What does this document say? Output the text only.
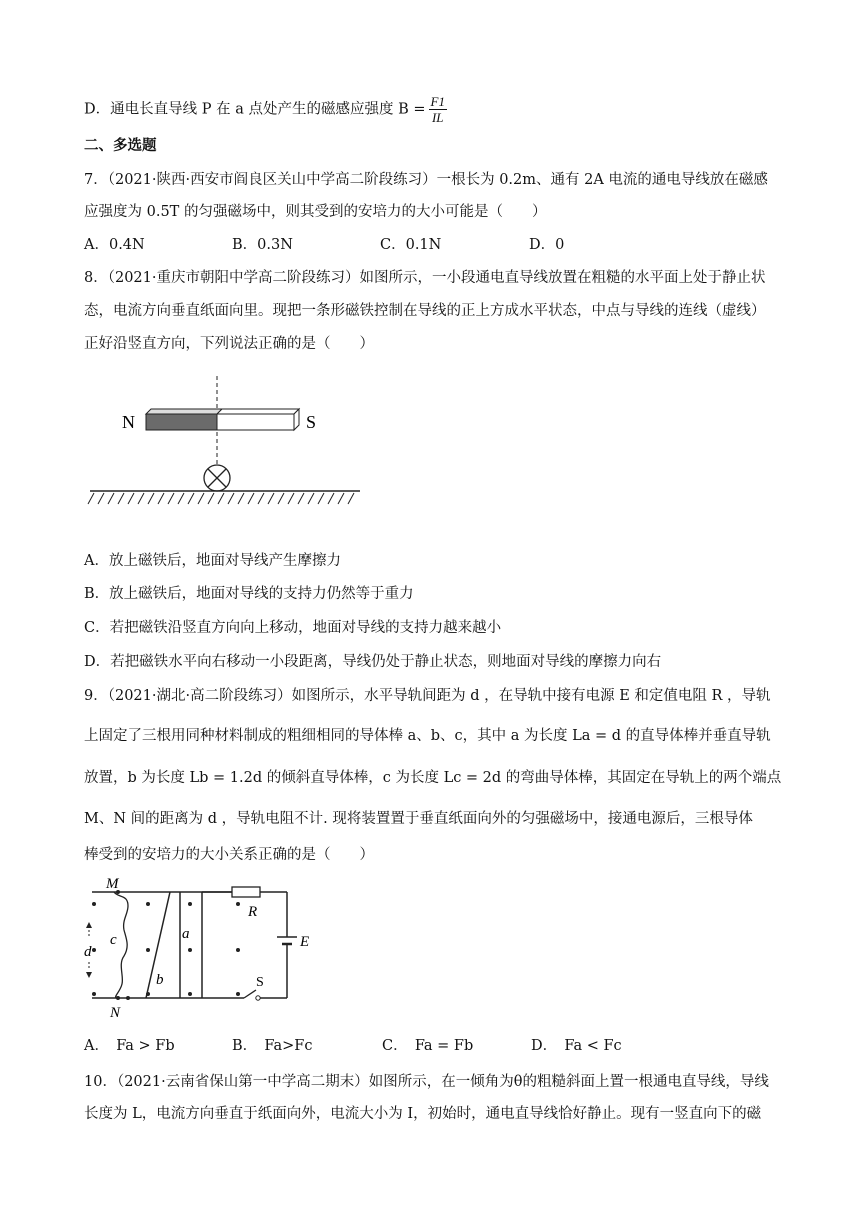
D．通电长直导线 P 在 a 点处产生的磁感应强度 $B = \frac{F1}{IL}$
二、多选题
7．（2021·陕西·西安市阎良区关山中学高二阶段练习）一根长为 0.2m、通有 2A 电流的通电导线放在磁感
应强度为 0.5T 的匀强磁场中，则其受到的安培力的大小可能是（　　）
A．0.4N	B．0.3N	C．0.1N	D．0
8．（2021·重庆市朝阳中学高二阶段练习）如图所示，一小段通电直导线放置在粗糙的水平面上处于静止状
态，电流方向垂直纸面向里。现把一条形磁铁控制在导线的正上方成水平状态，中点与导线的连线（虚线）
正好沿竖直方向，下列说法正确的是（　　）
N	S
A．放上磁铁后，地面对导线产生摩擦力
B．放上磁铁后，地面对导线的支持力仍然等于重力
C．若把磁铁沿竖直方向向上移动，地面对导线的支持力越来越小
D．若把磁铁水平向右移动一小段距离，导线仍处于静止状态，则地面对导线的摩擦力向右
9．（2021·湖北·高二阶段练习）如图所示，水平导轨间距为 d ，在导轨中接有电源 E 和定值电阻 R ，导轨
上固定了三根用同种材料制成的粗细相同的导体棒 a、b、c，其中 a 为长度 La = d 的直导体棒并垂直导轨
放置，b 为长度 Lb = 1.2d 的倾斜直导体棒，c 为长度 Lc = 2d 的弯曲导体棒，其固定在导轨上的两个端点
M、N 间的距离为 d ，导轨电阻不计. 现将装置置于垂直纸面向外的匀强磁场中，接通电源后，三根导体
棒受到的安培力的大小关系正确的是（　　）
M
N
d
c	a
b
R
E
S
A．　Fa > Fb	B．　Fa>Fc	C．　Fa = Fb	D．　Fa < Fc
10．（2021·云南省保山第一中学高二期末）如图所示，在一倾角为θ的粗糙斜面上置一根通电直导线，导线
长度为 L，电流方向垂直于纸面向外，电流大小为 I，初始时，通电直导线恰好静止。现有一竖直向下的磁
